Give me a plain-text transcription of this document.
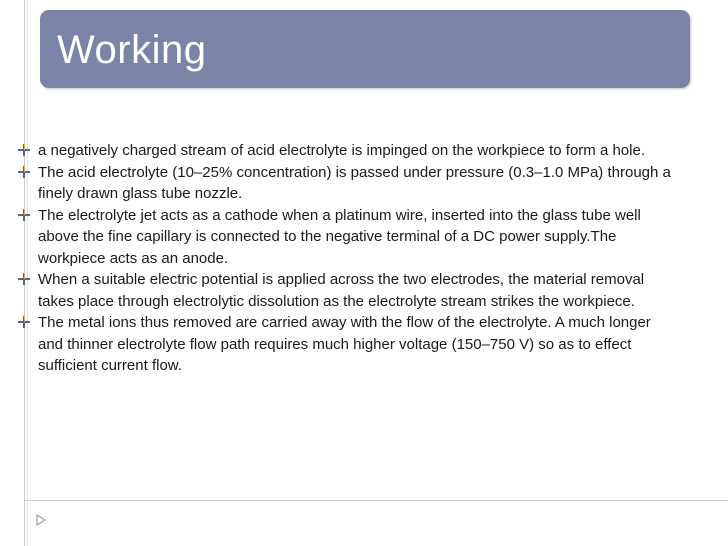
Working
a negatively charged stream of acid electrolyte is impinged on the workpiece to form a hole.
The acid electrolyte (10–25% concentration) is passed under pressure (0.3–1.0 MPa) through a finely drawn glass tube nozzle.
The electrolyte jet acts as a cathode when a platinum wire, inserted into the glass tube well above the fine capillary is connected to the negative terminal of a DC power supply.The workpiece acts as an anode.
When a suitable electric potential is applied across the two electrodes, the material removal takes place through electrolytic dissolution as the electrolyte stream strikes the workpiece.
The metal ions thus removed are carried away with the flow of the electrolyte. A much longer and thinner electrolyte flow path requires much higher voltage (150–750 V) so as to effect sufficient current flow.
